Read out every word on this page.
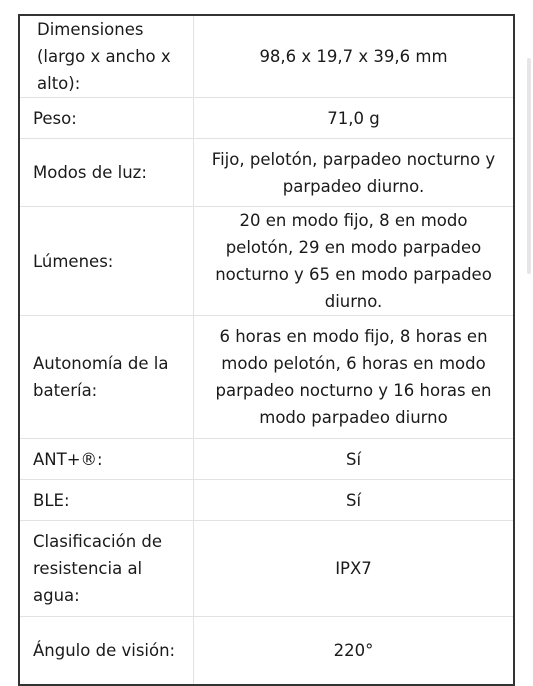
Dimensiones (largo x ancho x alto):	98,6 x 19,7 x 39,6 mm
Peso:	71,0 g
Modos de luz:	Fijo, pelotón, parpadeo nocturno y parpadeo diurno.
Lúmenes:	20 en modo fijo, 8 en modo pelotón, 29 en modo parpadeo nocturno y 65 en modo parpadeo diurno.
Autonomía de la batería:	6 horas en modo fijo, 8 horas en modo pelotón, 6 horas en modo parpadeo nocturno y 16 horas en modo parpadeo diurno
ANT+®:	Sí
BLE:	Sí
Clasificación de resistencia al agua:	IPX7
Ángulo de visión:	220°
